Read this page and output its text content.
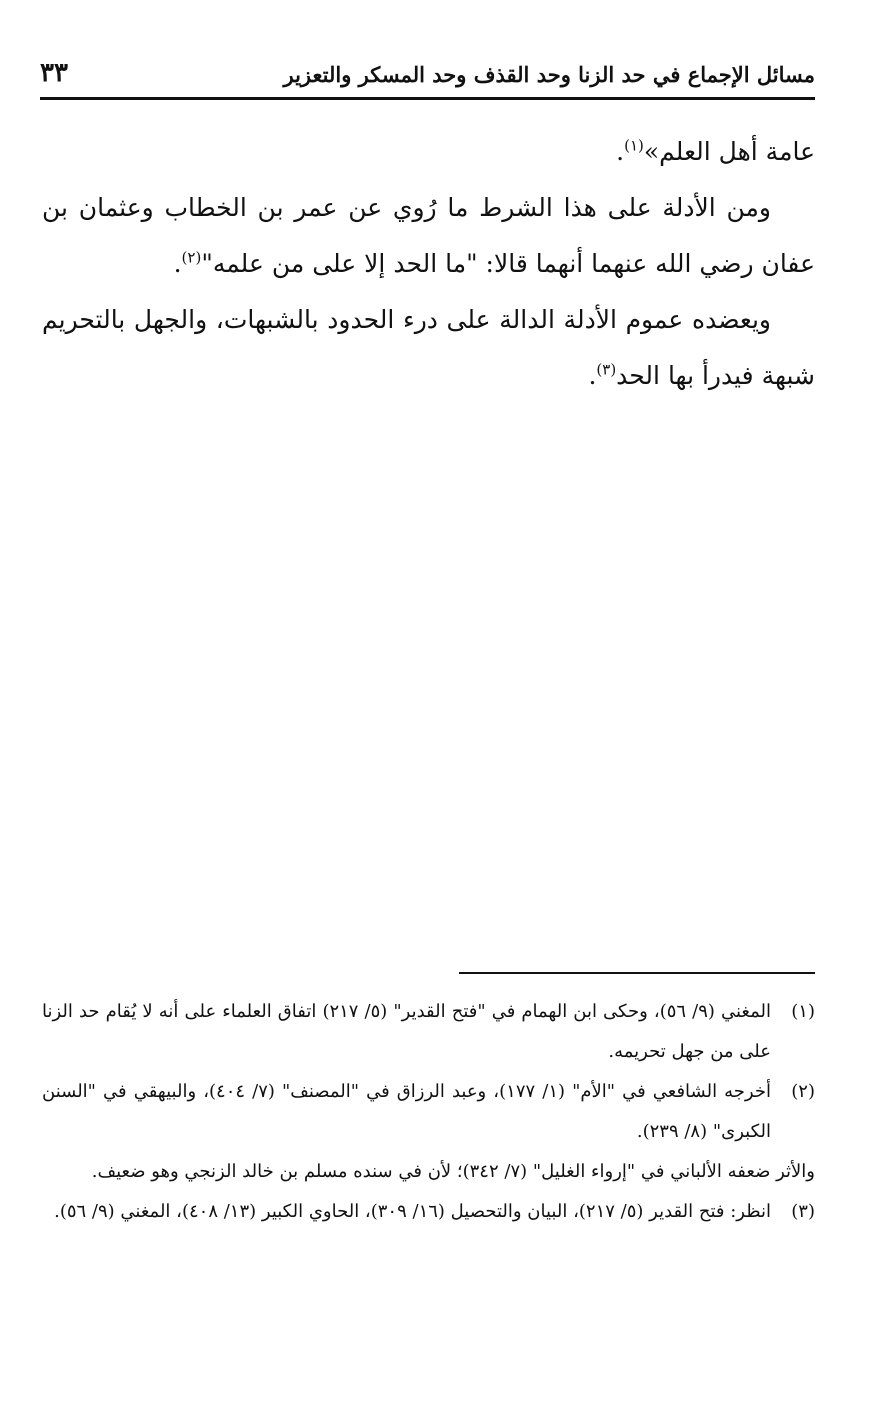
مسائل الإجماع في حد الزنا وحد القذف وحد المسكر والتعزير
٣٣

عامة أهل العلم»$^{(١)}$.

ومن الأدلة على هذا الشرط ما رُوي عن عمر بن الخطاب وعثمان بن عفان رضي الله عنهما أنهما قالا: "ما الحد إلا على من علمه"$^{(٢)}$.

ويعضده عموم الأدلة الدالة على درء الحدود بالشبهات، والجهل بالتحريم شبهة فيدرأ بها الحد$^{(٣)}$.

(١)
المغني (٩/ ٥٦)، وحكى ابن الهمام في "فتح القدير" (٥/ ٢١٧) اتفاق العلماء على أنه لا يُقام حد الزنا على من جهل تحريمه.

(٢)
أخرجه الشافعي في "الأم" (١/ ١٧٧)، وعبد الرزاق في "المصنف" (٧/ ٤٠٤)، والبيهقي في "السنن الكبرى" (٨/ ٢٣٩).

والأثر ضعفه الألباني في "إرواء الغليل" (٧/ ٣٤٢)؛ لأن في سنده مسلم بن خالد الزنجي وهو ضعيف.

(٣)
انظر: فتح القدير (٥/ ٢١٧)، البيان والتحصيل (١٦/ ٣٠٩)، الحاوي الكبير (١٣/ ٤٠٨)، المغني (٩/ ٥٦).
